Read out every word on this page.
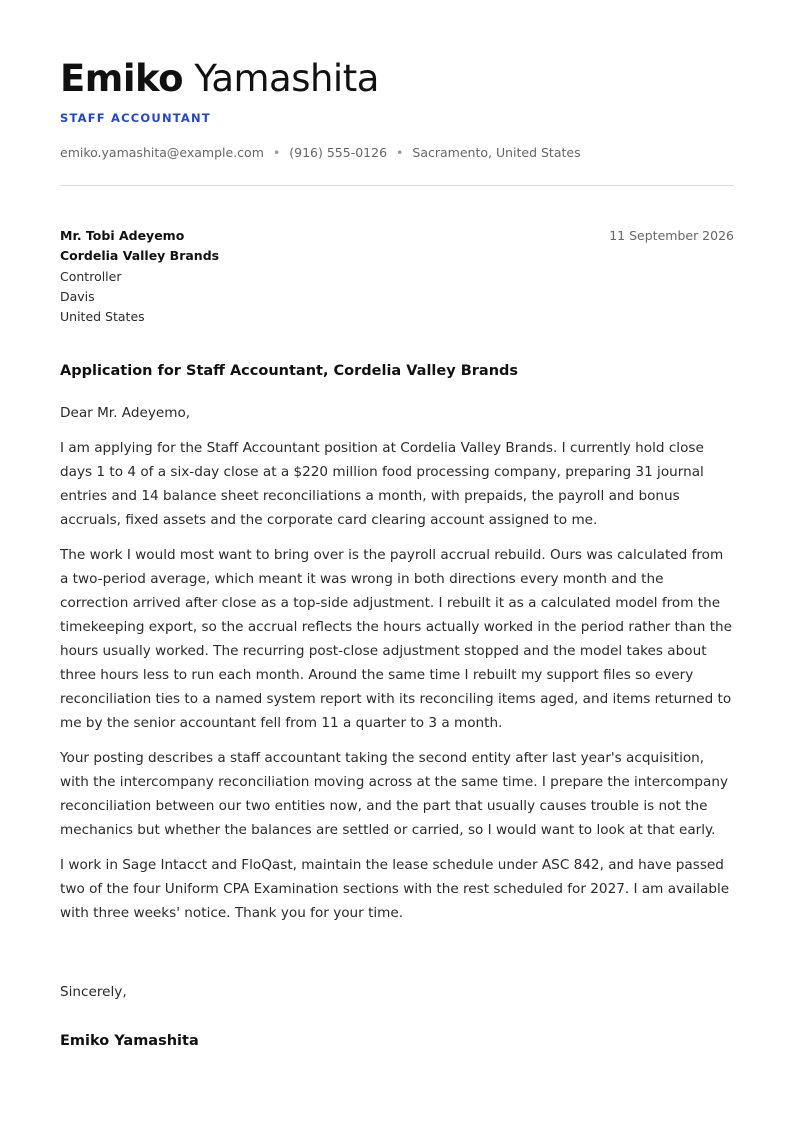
Emiko Yamashita
STAFF ACCOUNTANT
emiko.yamashita@example.com • (916) 555-0126 • Sacramento, United States
Mr. Tobi Adeyemo
Cordelia Valley Brands
Controller
Davis
United States
11 September 2026
Application for Staff Accountant, Cordelia Valley Brands
Dear Mr. Adeyemo,

I am applying for the Staff Accountant position at Cordelia Valley Brands. I currently hold close days 1 to 4 of a six-day close at a $220 million food processing company, preparing 31 journal entries and 14 balance sheet reconciliations a month, with prepaids, the payroll and bonus accruals, fixed assets and the corporate card clearing account assigned to me.

The work I would most want to bring over is the payroll accrual rebuild. Ours was calculated from a two-period average, which meant it was wrong in both directions every month and the correction arrived after close as a top-side adjustment. I rebuilt it as a calculated model from the timekeeping export, so the accrual reflects the hours actually worked in the period rather than the hours usually worked. The recurring post-close adjustment stopped and the model takes about three hours less to run each month. Around the same time I rebuilt my support files so every reconciliation ties to a named system report with its reconciling items aged, and items returned to me by the senior accountant fell from 11 a quarter to 3 a month.

Your posting describes a staff accountant taking the second entity after last year's acquisition, with the intercompany reconciliation moving across at the same time. I prepare the intercompany reconciliation between our two entities now, and the part that usually causes trouble is not the mechanics but whether the balances are settled or carried, so I would want to look at that early.

I work in Sage Intacct and FloQast, maintain the lease schedule under ASC 842, and have passed two of the four Uniform CPA Examination sections with the rest scheduled for 2027. I am available with three weeks' notice. Thank you for your time.

Sincerely,
Emiko Yamashita
